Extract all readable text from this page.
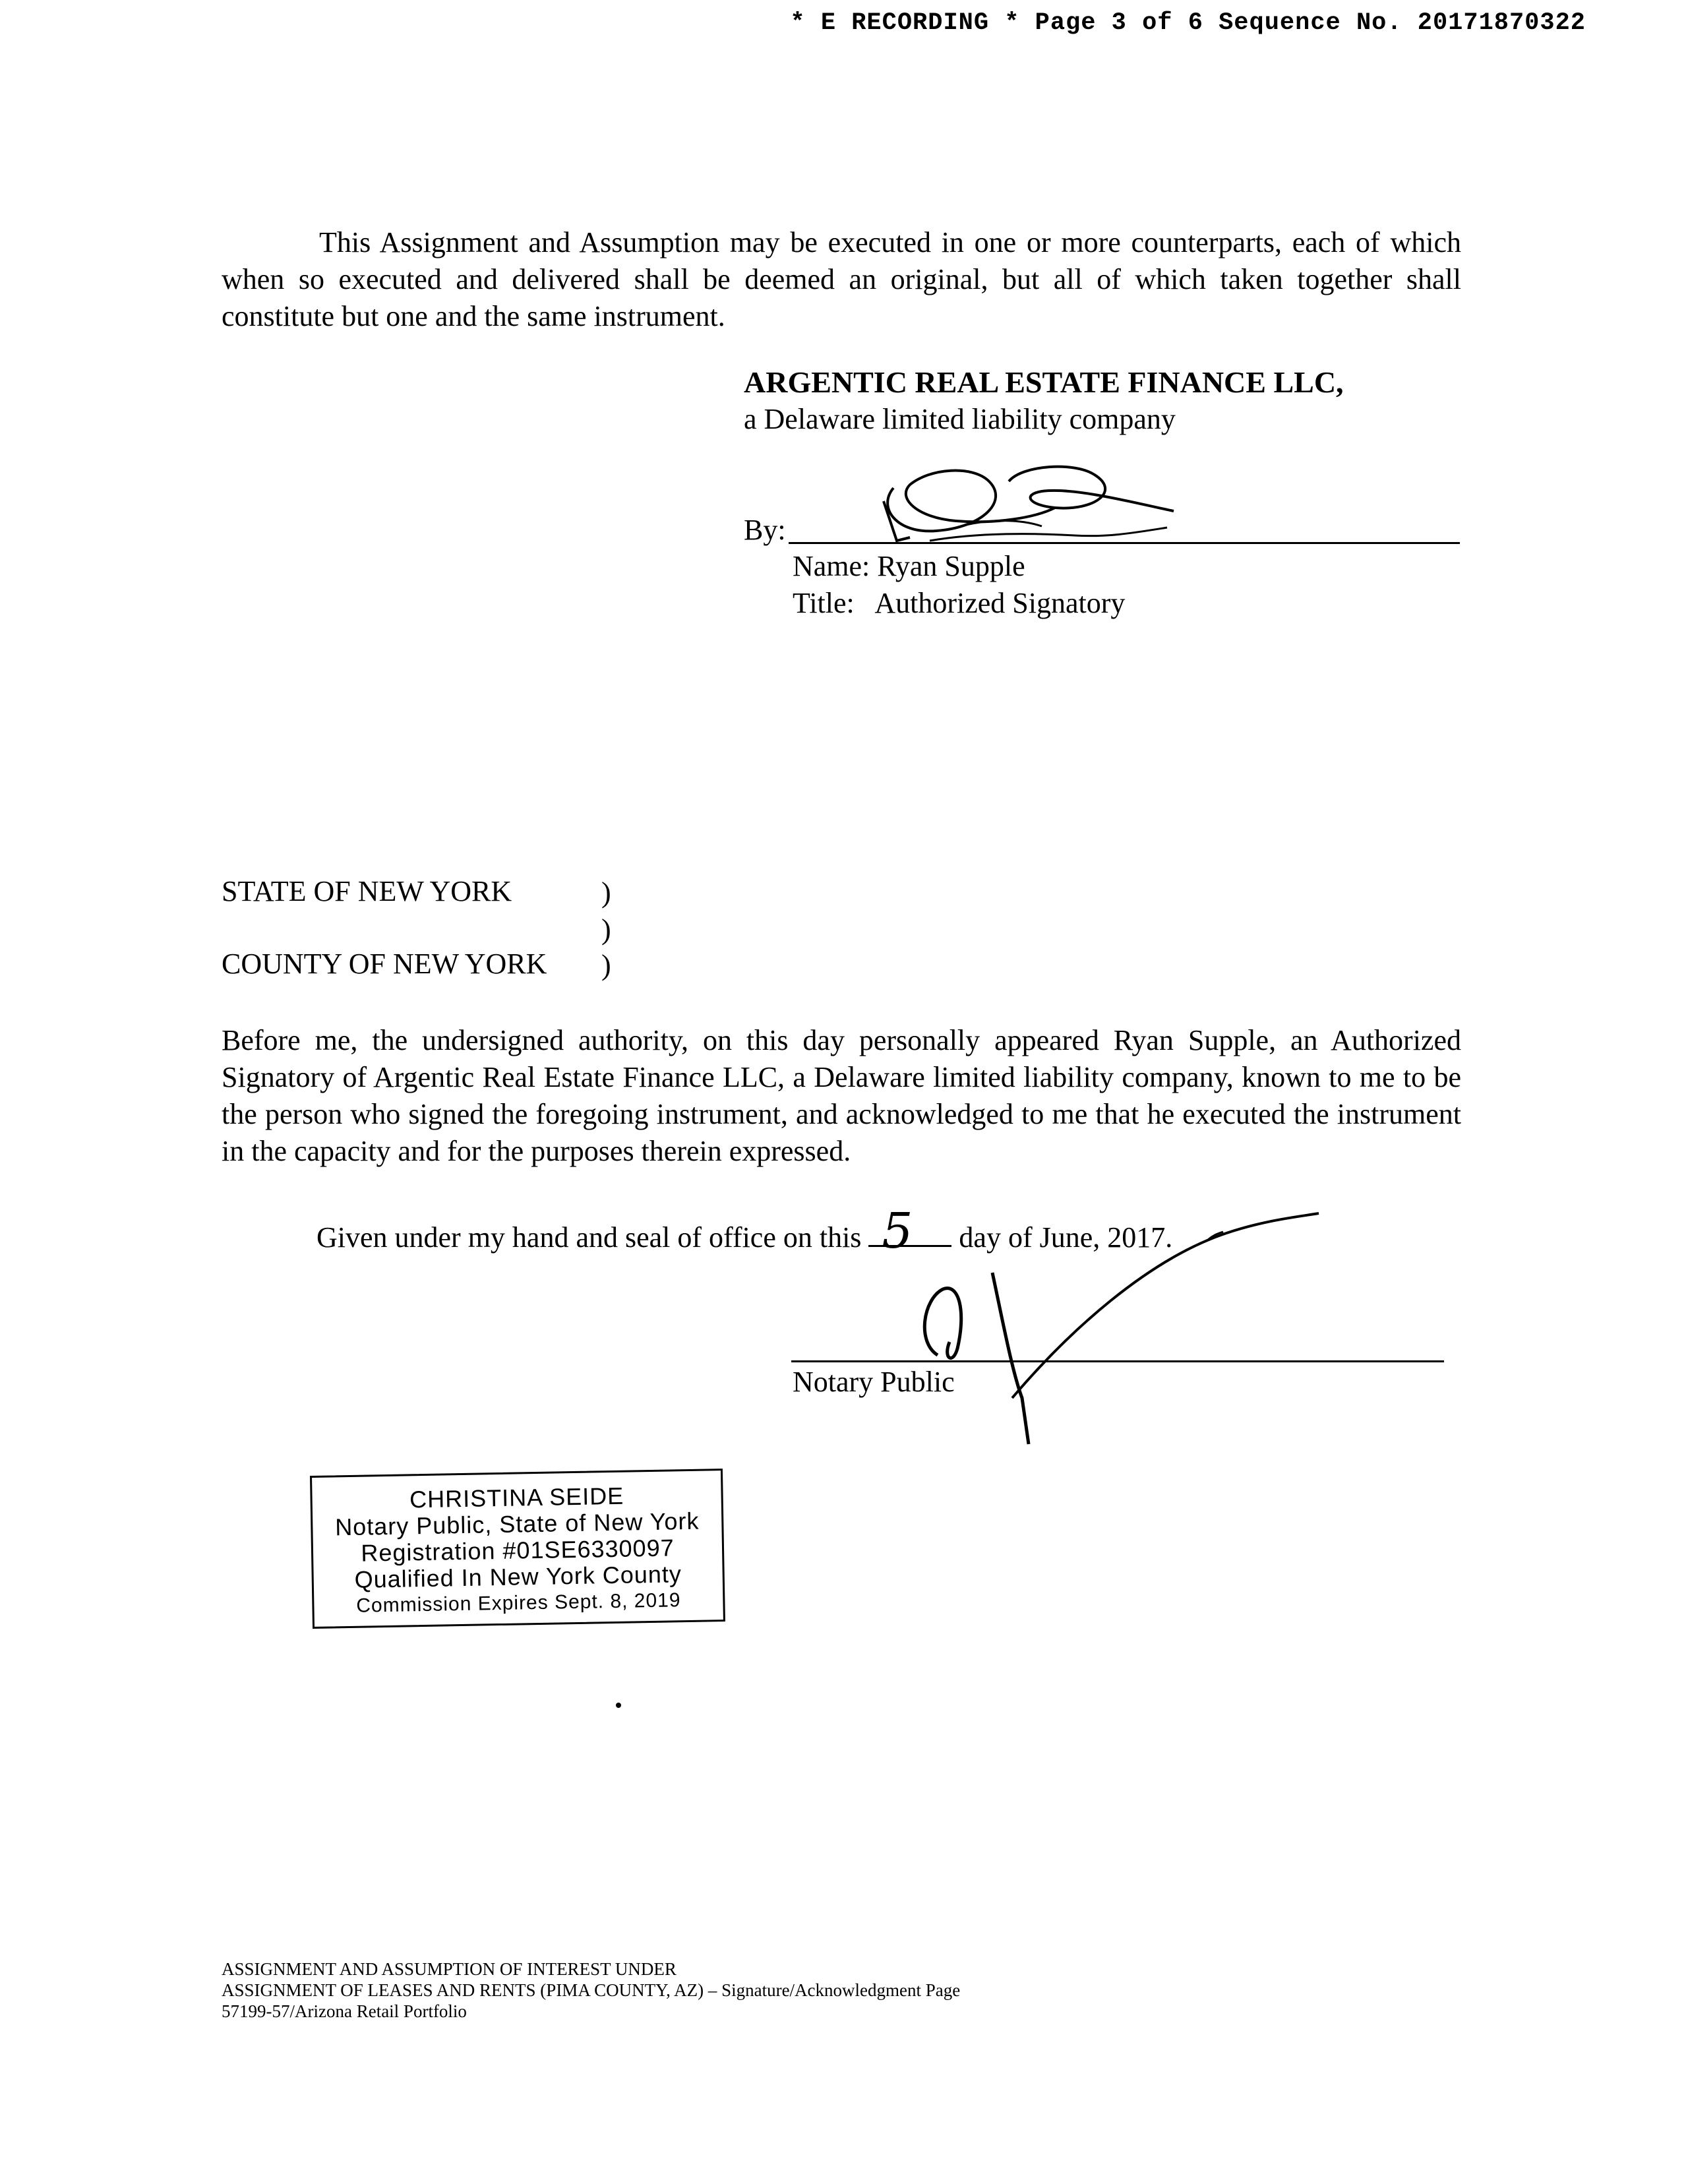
* E RECORDING * Page 3 of 6 Sequence No. 20171870322

This Assignment and Assumption may be executed in one or more counterparts, each of which when so executed and delivered shall be deemed an original, but all of which taken together shall constitute but one and the same instrument.

ARGENTIC REAL ESTATE FINANCE LLC,
a Delaware limited liability company
By:
Name: Ryan Supple
Title:   Authorized Signatory
STATE OF NEW YORK	)
)
COUNTY OF NEW YORK )

Before me, the undersigned authority, on this day personally appeared Ryan Supple, an Authorized Signatory of Argentic Real Estate Finance LLC, a Delaware limited liability company, known to me to be the person who signed the foregoing instrument, and acknowledged to me that he executed the instrument in the capacity and for the purposes therein expressed.

Given under my hand and seal of office on this 5 day of June, 2017.
Notary Public
CHRISTINA SEIDE
Notary Public, State of New York
Registration #01SE6330097
Qualified In New York County
Commission Expires Sept. 8, 2019
ASSIGNMENT AND ASSUMPTION OF INTEREST UNDER
ASSIGNMENT OF LEASES AND RENTS (PIMA COUNTY, AZ) – Signature/Acknowledgment Page
57199-57/Arizona Retail Portfolio
